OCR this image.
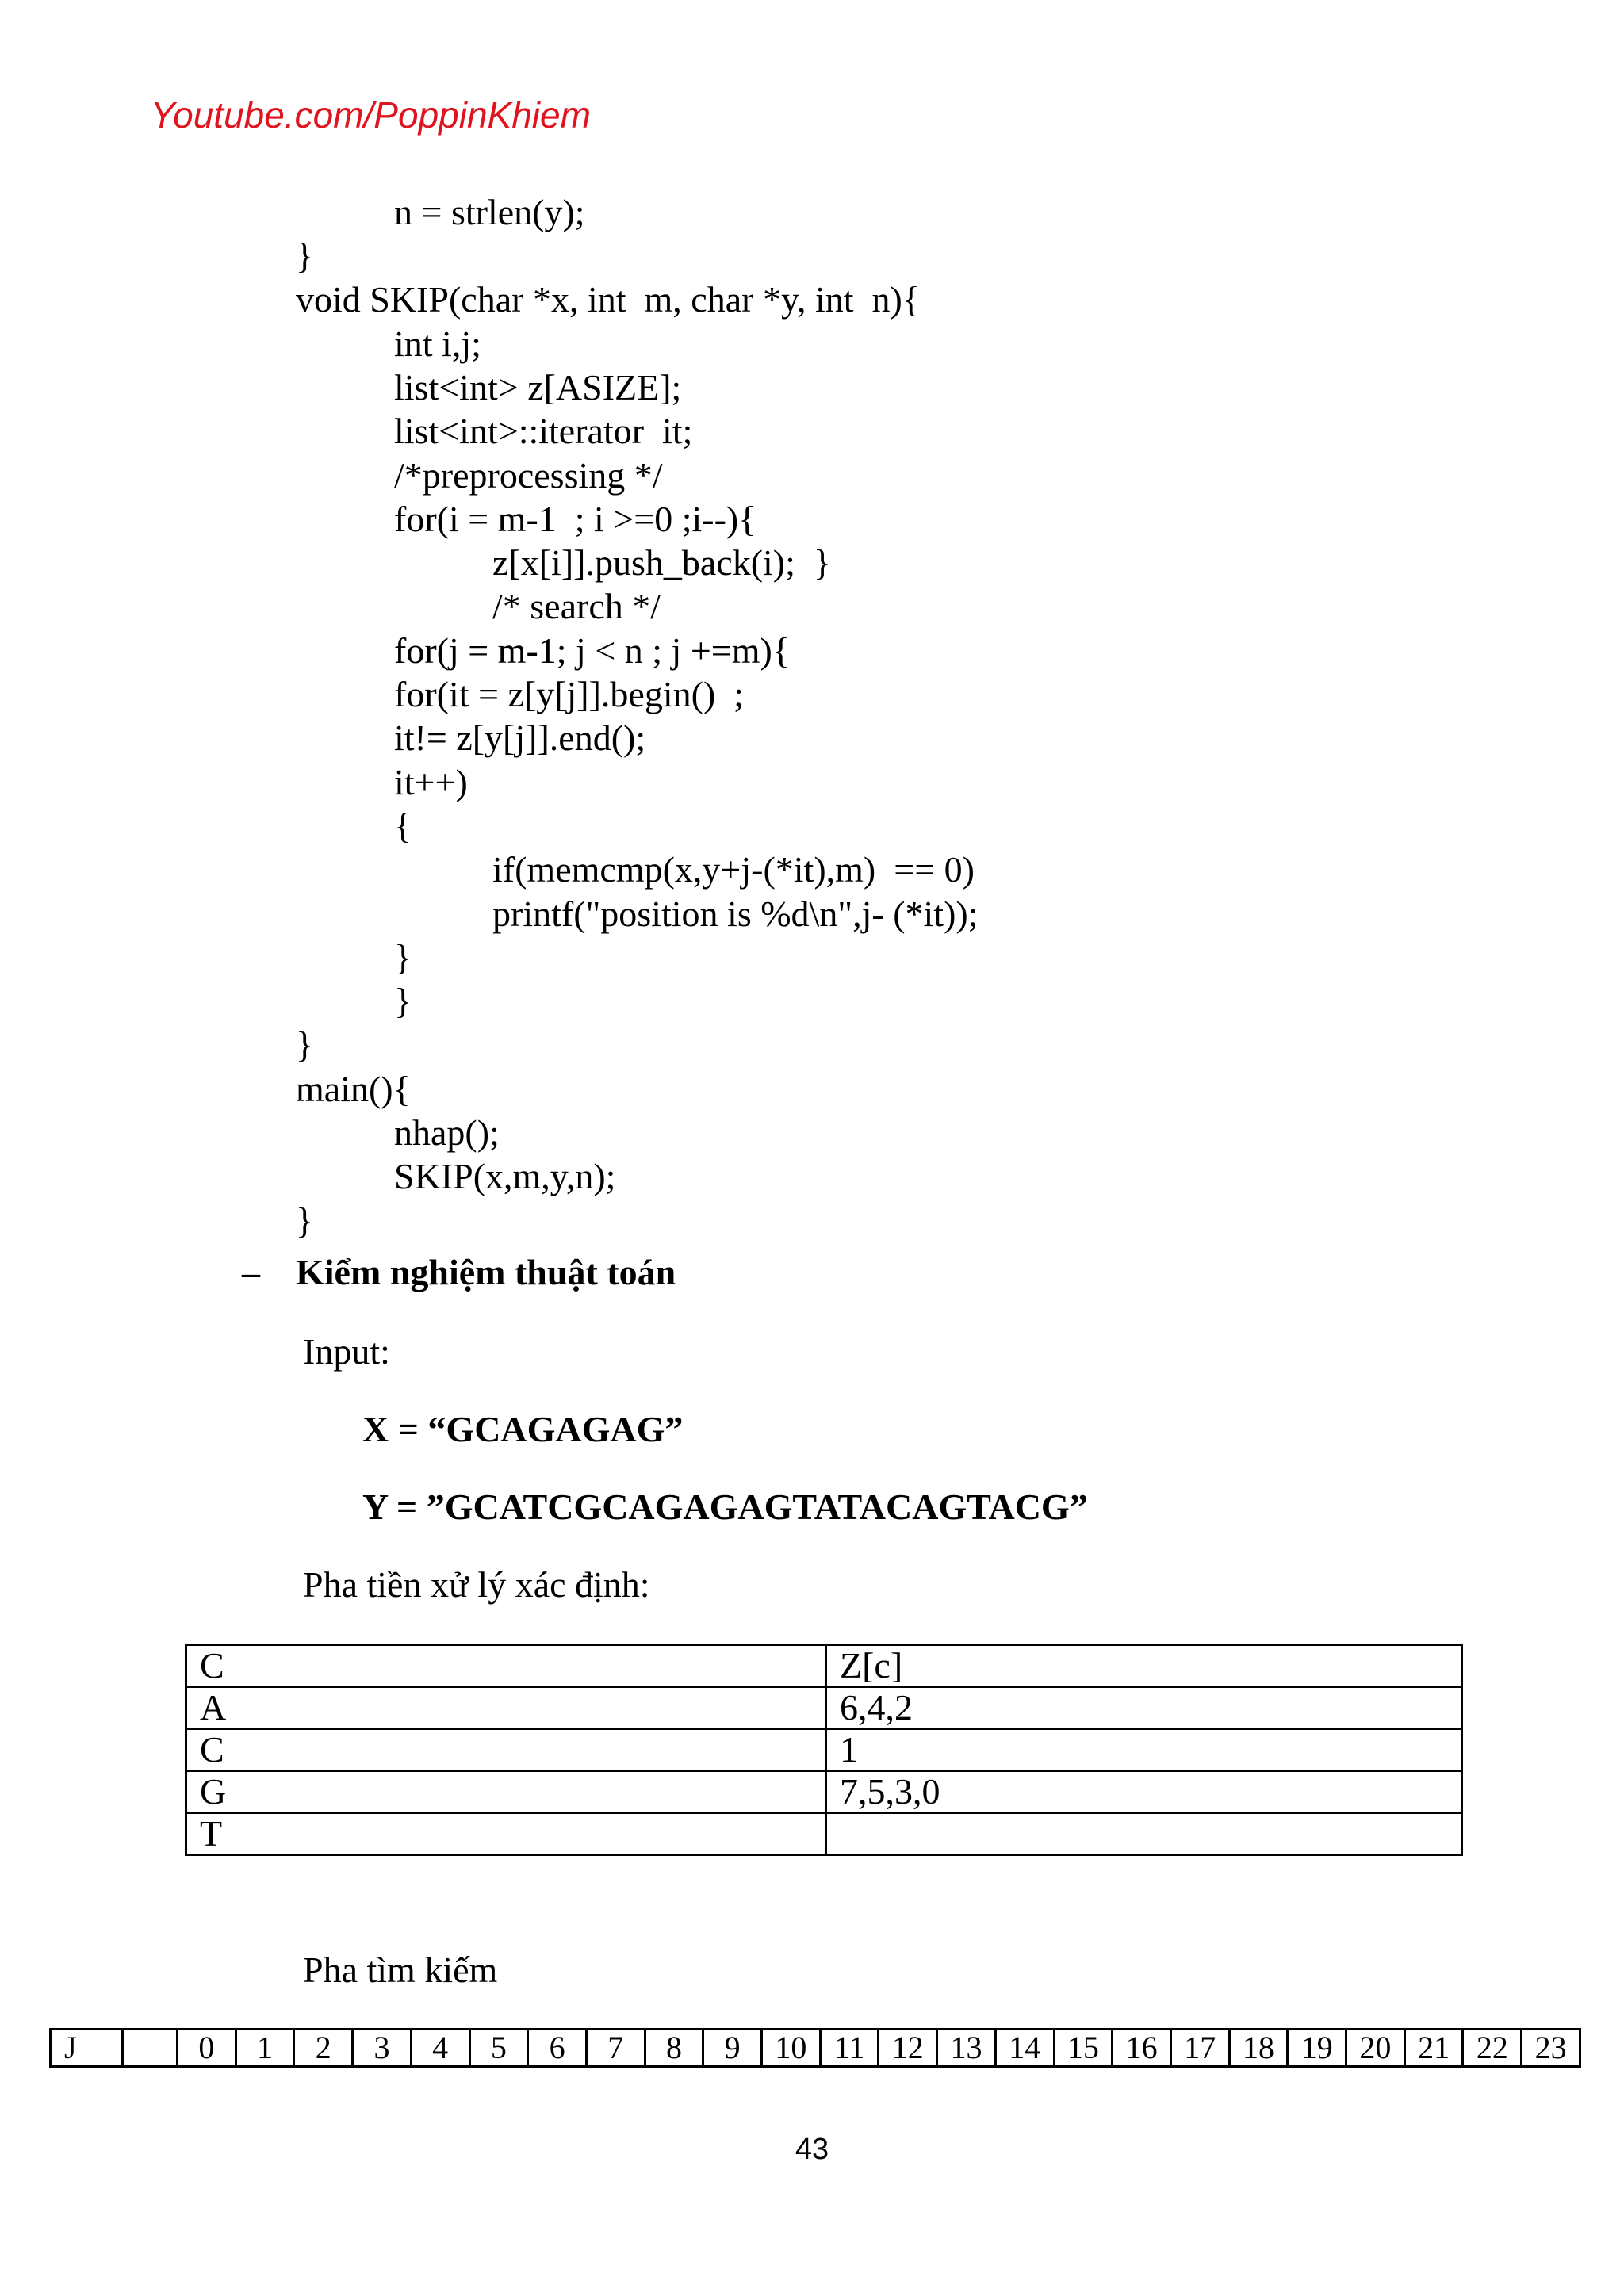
Youtube.com/PoppinKhiem
n = strlen(y);
}
void SKIP(char *x, int  m, char *y, int  n){
int i,j;
list<int> z[ASIZE];
list<int>::iterator  it;
/*preprocessing */
for(i = m-1  ; i >=0 ;i--){
z[x[i]].push_back(i);  }
/* search */
for(j = m-1; j < n ; j +=m){
for(it = z[y[j]].begin()  ;
it!= z[y[j]].end();
it++)
{
if(memcmp(x,y+j-(*it),m)  == 0)
printf("position is %d\n",j- (*it));
}
}
}
main(){
nhap();
SKIP(x,m,y,n);
}
– Kiểm nghiệm thuật toán
Input:
X = “GCAGAGAG”
Y = ”GCATCGCAGAGAGTATACAGTACG”
Pha tiền xử lý xác định:
C	Z[c]
A	6,4,2
C	1
G	7,5,3,0
T	
Pha tìm kiếm
J		0	1	2	3	4	5	6	7	8	9	10	11	12	13	14	15	16	17	18	19	20	21	22	23
43
